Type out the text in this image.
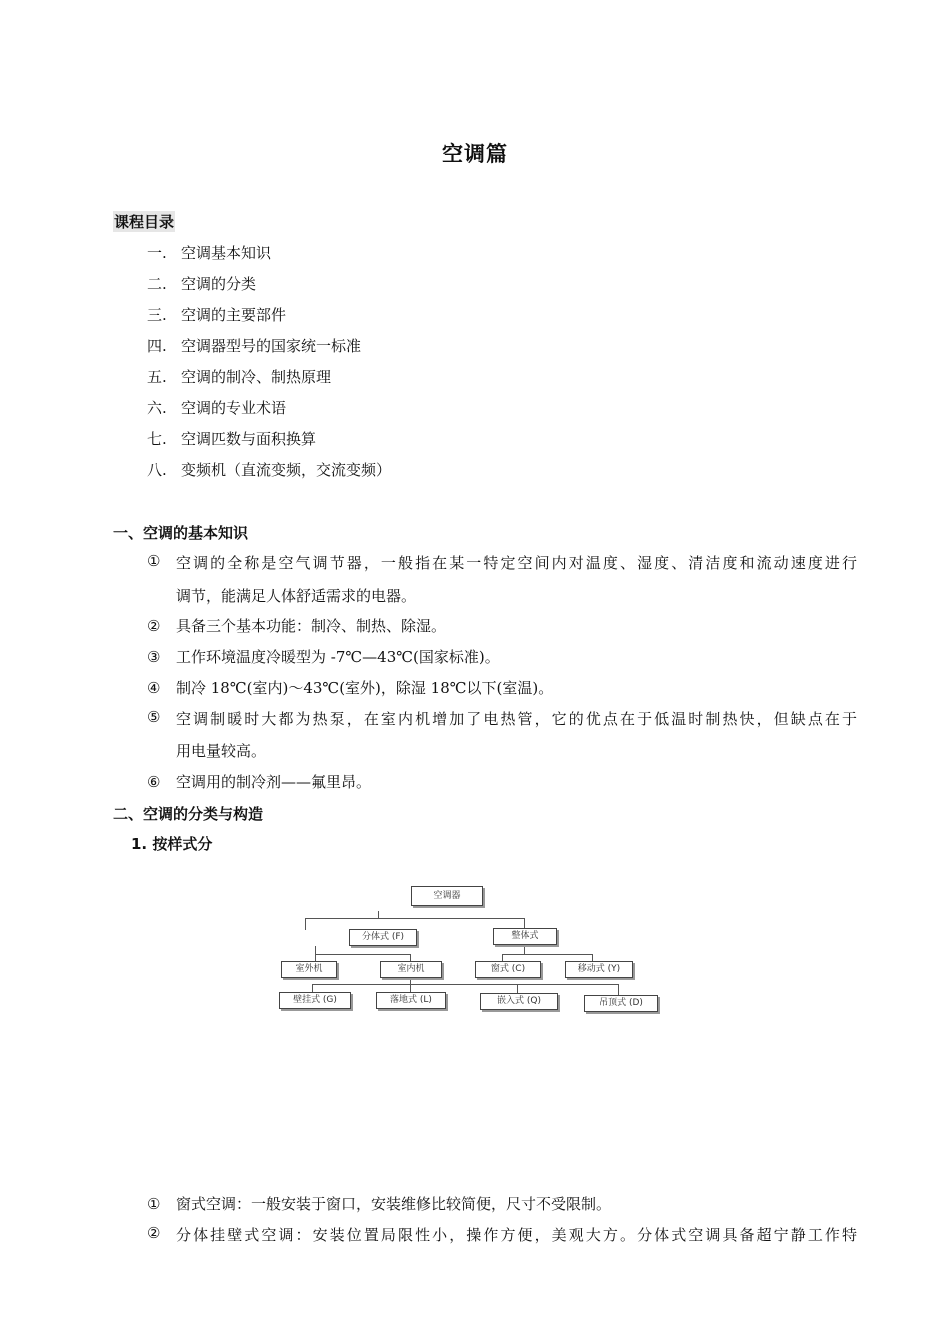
空调篇
课程目录
一. 空调基本知识
二. 空调的分类
三. 空调的主要部件
四. 空调器型号的国家统一标准
五. 空调的制冷、制热原理
六. 空调的专业术语
七. 空调匹数与面积换算
八. 变频机（直流变频，交流变频）
一、空调的基本知识
①	空调的全称是空气调节器，一般指在某一特定空间内对温度、湿度、清洁度和流动速度进行
调节，能满足人体舒适需求的电器。
② 具备三个基本功能：制冷、制热、除湿。
③ 工作环境温度冷暖型为 -7℃—43℃(国家标准)。
④ 制冷 18℃(室内)～43℃(室外)，除湿 18℃以下(室温)。
⑤	空调制暖时大都为热泵，在室内机增加了电热管，它的优点在于低温时制热快，但缺点在于
用电量较高。
⑥ 空调用的制冷剂——氟里昂。
二、空调的分类与构造
1. 按样式分
空调器
分体式 (F)	整体式
室外机	室内机	窗式 (C)	移动式 (Y)
壁挂式 (G)	落地式 (L)	嵌入式 (Q)	吊顶式 (D)
① 窗式空调：一般安装于窗口，安装维修比较简便，尺寸不受限制。
②	分体挂壁式空调：安装位置局限性小，操作方便，美观大方。分体式空调具备超宁静工作特
